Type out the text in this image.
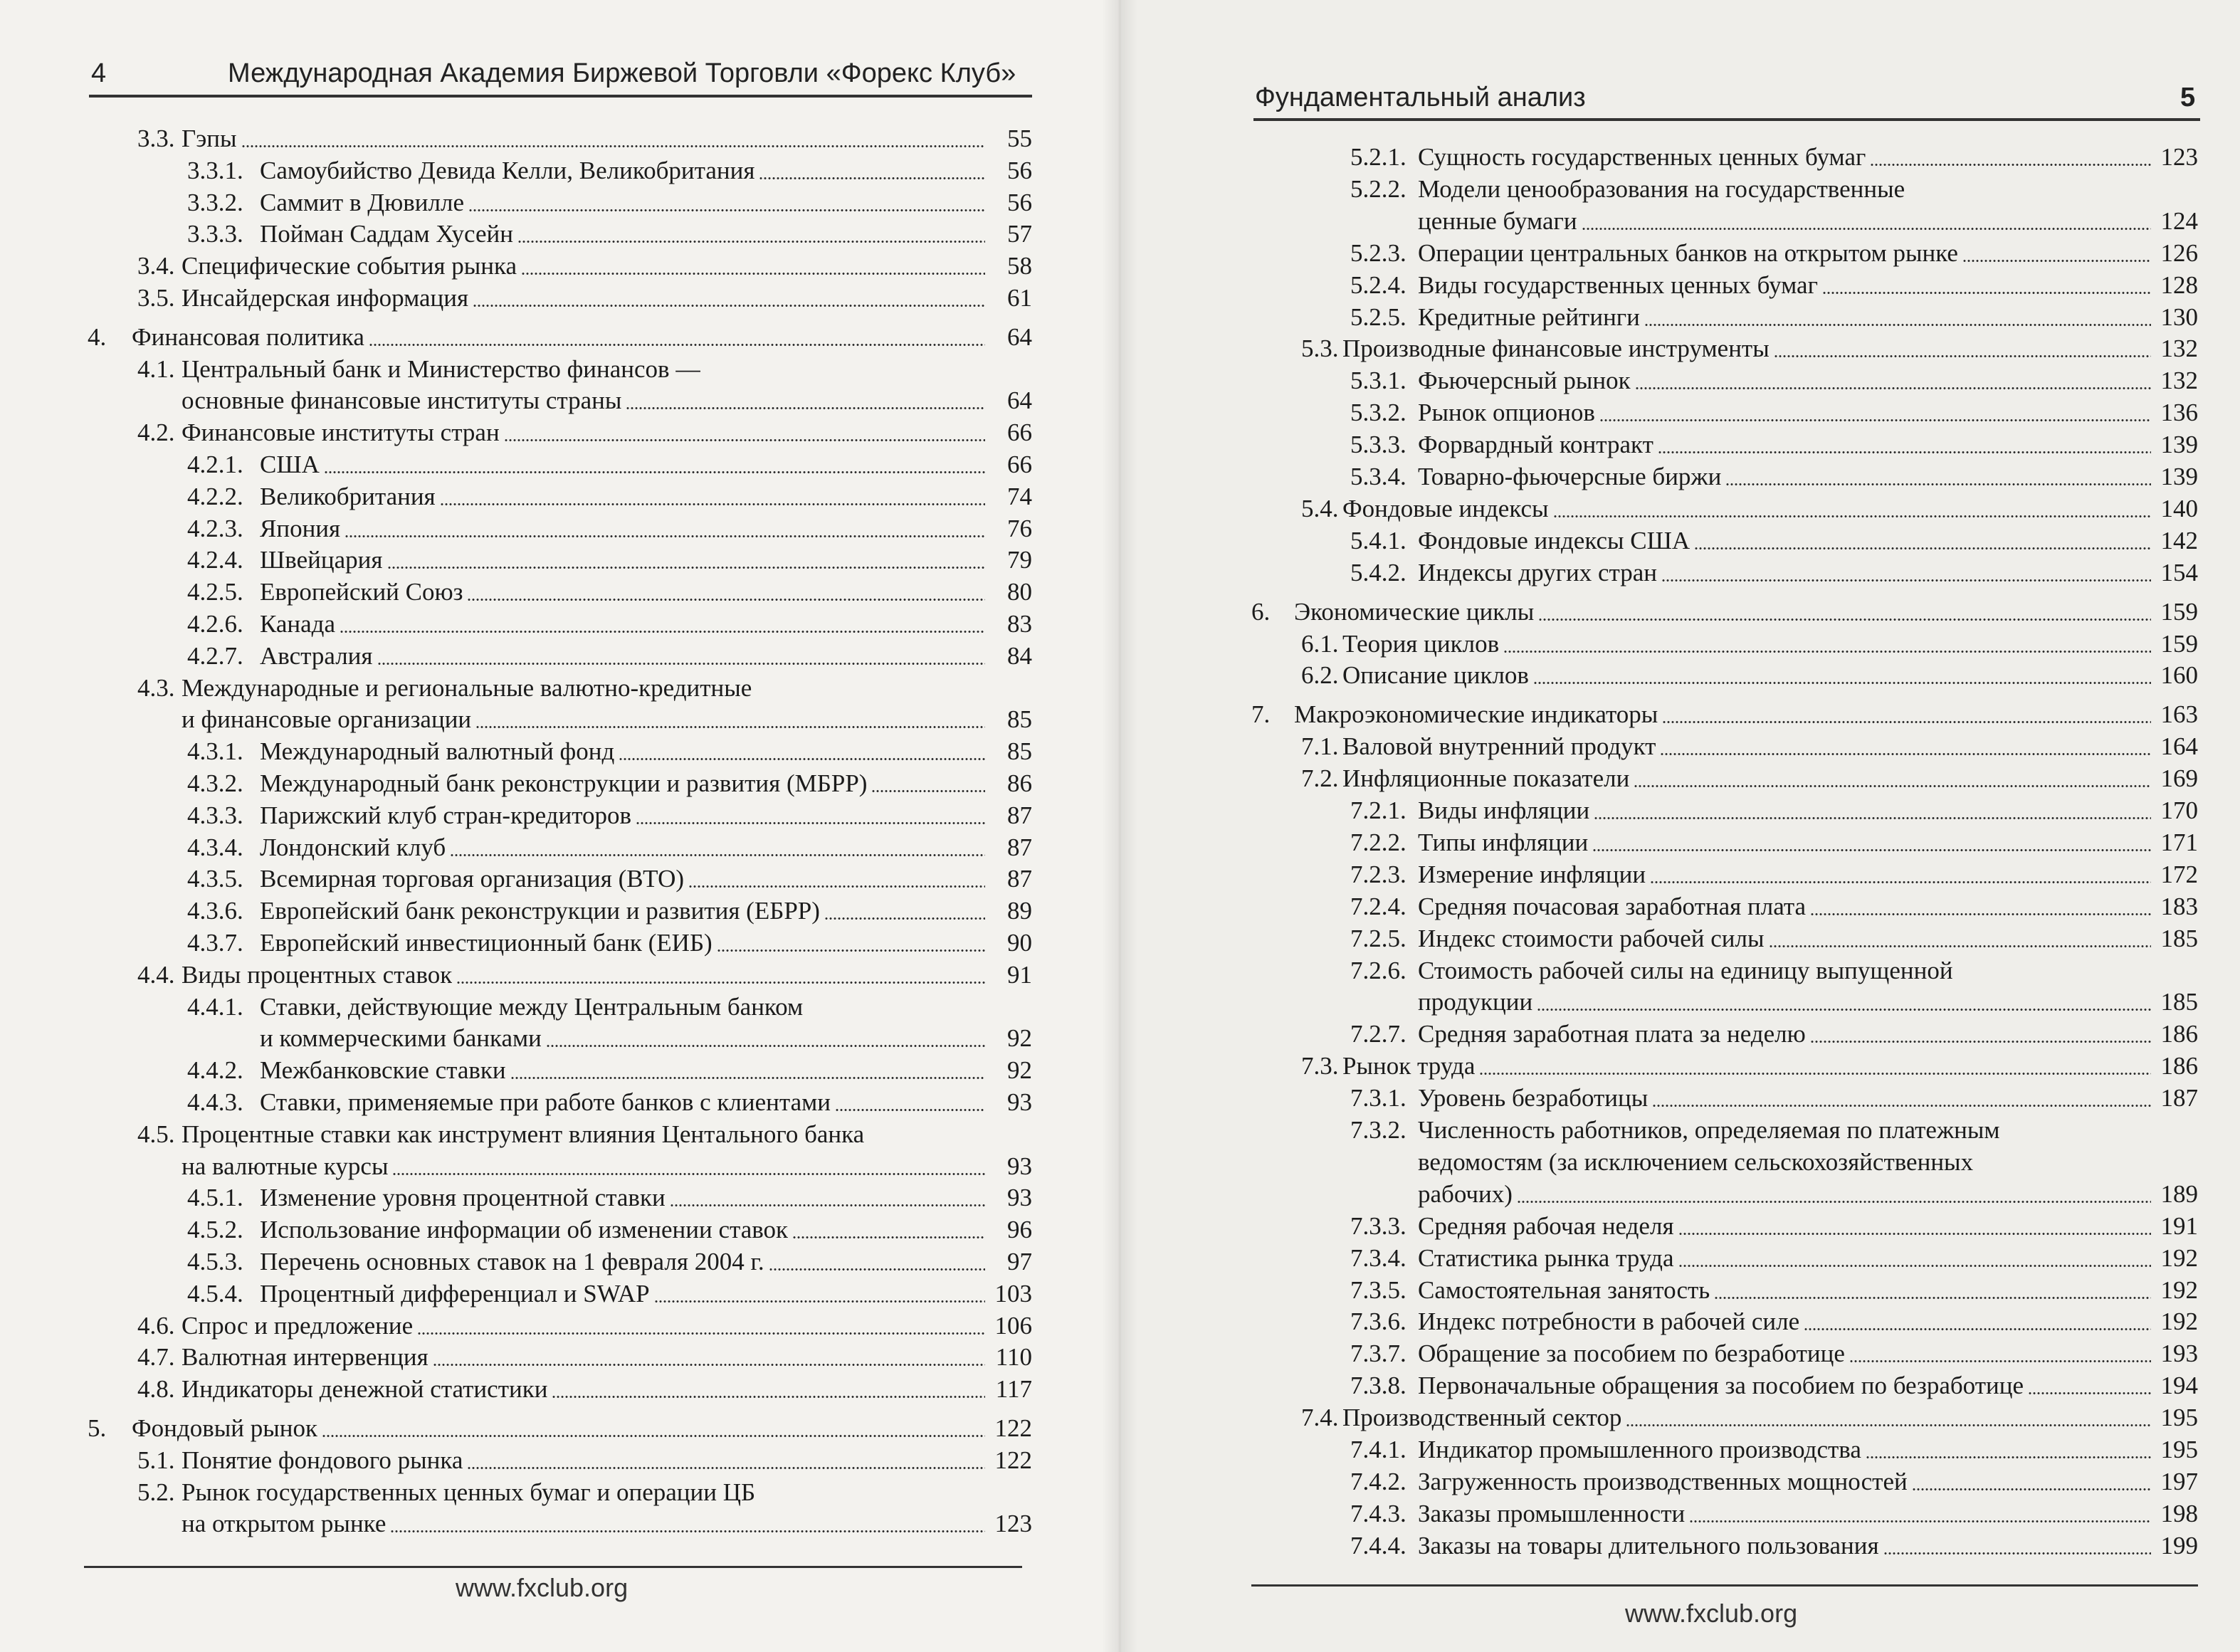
4	Международная Академия Биржевой Торговли «Форекс Клуб»
3.3. Гэпы	55
3.3.1. Самоубийство Девида Келли, Великобритания	56
3.3.2. Саммит в Дювилле	56
3.3.3. Пойман Саддам Хусейн	57
3.4. Специфические события рынка	58
3.5. Инсайдерская информация	61
4. Финансовая политика	64
4.1. Центральный банк и Министерство финансов —
основные финансовые институты страны	64
4.2. Финансовые институты стран	66
4.2.1. США	66
4.2.2. Великобритания	74
4.2.3. Япония	76
4.2.4. Швейцария	79
4.2.5. Европейский Союз	80
4.2.6. Канада	83
4.2.7. Австралия	84
4.3. Международные и региональные валютно-кредитные
и финансовые организации	85
4.3.1. Международный валютный фонд	85
4.3.2. Международный банк реконструкции и развития (МБРР)	86
4.3.3. Парижский клуб стран-кредиторов	87
4.3.4. Лондонский клуб	87
4.3.5. Всемирная торговая организация (ВТО)	87
4.3.6. Европейский банк реконструкции и развития (ЕБРР)	89
4.3.7. Европейский инвестиционный банк (ЕИБ)	90
4.4. Виды процентных ставок	91
4.4.1. Ставки, действующие между Центральным банком
и коммерческими банками	92
4.4.2. Межбанковские ставки	92
4.4.3. Ставки, применяемые при работе банков с клиентами	93
4.5. Процентные ставки как инструмент влияния Центального банка
на валютные курсы	93
4.5.1. Изменение уровня процентной ставки	93
4.5.2. Использование информации об изменении ставок	96
4.5.3. Перечень основных ставок на 1 февраля 2004 г.	97
4.5.4. Процентный дифференциал и SWAP	103
4.6. Спрос и предложение	106
4.7. Валютная интервенция	110
4.8. Индикаторы денежной статистики	117
5. Фондовый рынок	122
5.1. Понятие фондового рынка	122
5.2. Рынок государственных ценных бумаг и операции ЦБ
на открытом рынке	123
www.fxclub.org
Фундаментальный анализ	5
5.2.1. Сущность государственных ценных бумаг	123
5.2.2. Модели ценообразования на государственные
ценные бумаги	124
5.2.3. Операции центральных банков на открытом рынке	126
5.2.4. Виды государственных ценных бумаг	128
5.2.5. Кредитные рейтинги	130
5.3. Производные финансовые инструменты	132
5.3.1. Фьючерсный рынок	132
5.3.2. Рынок опционов	136
5.3.3. Форвардный контракт	139
5.3.4. Товарно-фьючерсные биржи	139
5.4. Фондовые индексы	140
5.4.1. Фондовые индексы США	142
5.4.2. Индексы других стран	154
6. Экономические циклы	159
6.1. Теория циклов	159
6.2. Описание циклов	160
7. Макроэкономические индикаторы	163
7.1. Валовой внутренний продукт	164
7.2. Инфляционные показатели	169
7.2.1. Виды инфляции	170
7.2.2. Типы инфляции	171
7.2.3. Измерение инфляции	172
7.2.4. Средняя почасовая заработная плата	183
7.2.5. Индекс стоимости рабочей силы	185
7.2.6. Стоимость рабочей силы на единицу выпущенной
продукции	185
7.2.7. Средняя заработная плата за неделю	186
7.3. Рынок труда	186
7.3.1. Уровень безработицы	187
7.3.2. Численность работников, определяемая по платежным
ведомостям (за исключением сельскохозяйственных
рабочих)	189
7.3.3. Средняя рабочая неделя	191
7.3.4. Статистика рынка труда	192
7.3.5. Самостоятельная занятость	192
7.3.6. Индекс потребности в рабочей силе	192
7.3.7. Обращение за пособием по безработице	193
7.3.8. Первоначальные обращения за пособием по безработице	194
7.4. Производственный сектор	195
7.4.1. Индикатор промышленного производства	195
7.4.2. Загруженность производственных мощностей	197
7.4.3. Заказы промышленности	198
7.4.4. Заказы на товары длительного пользования	199
www.fxclub.org
